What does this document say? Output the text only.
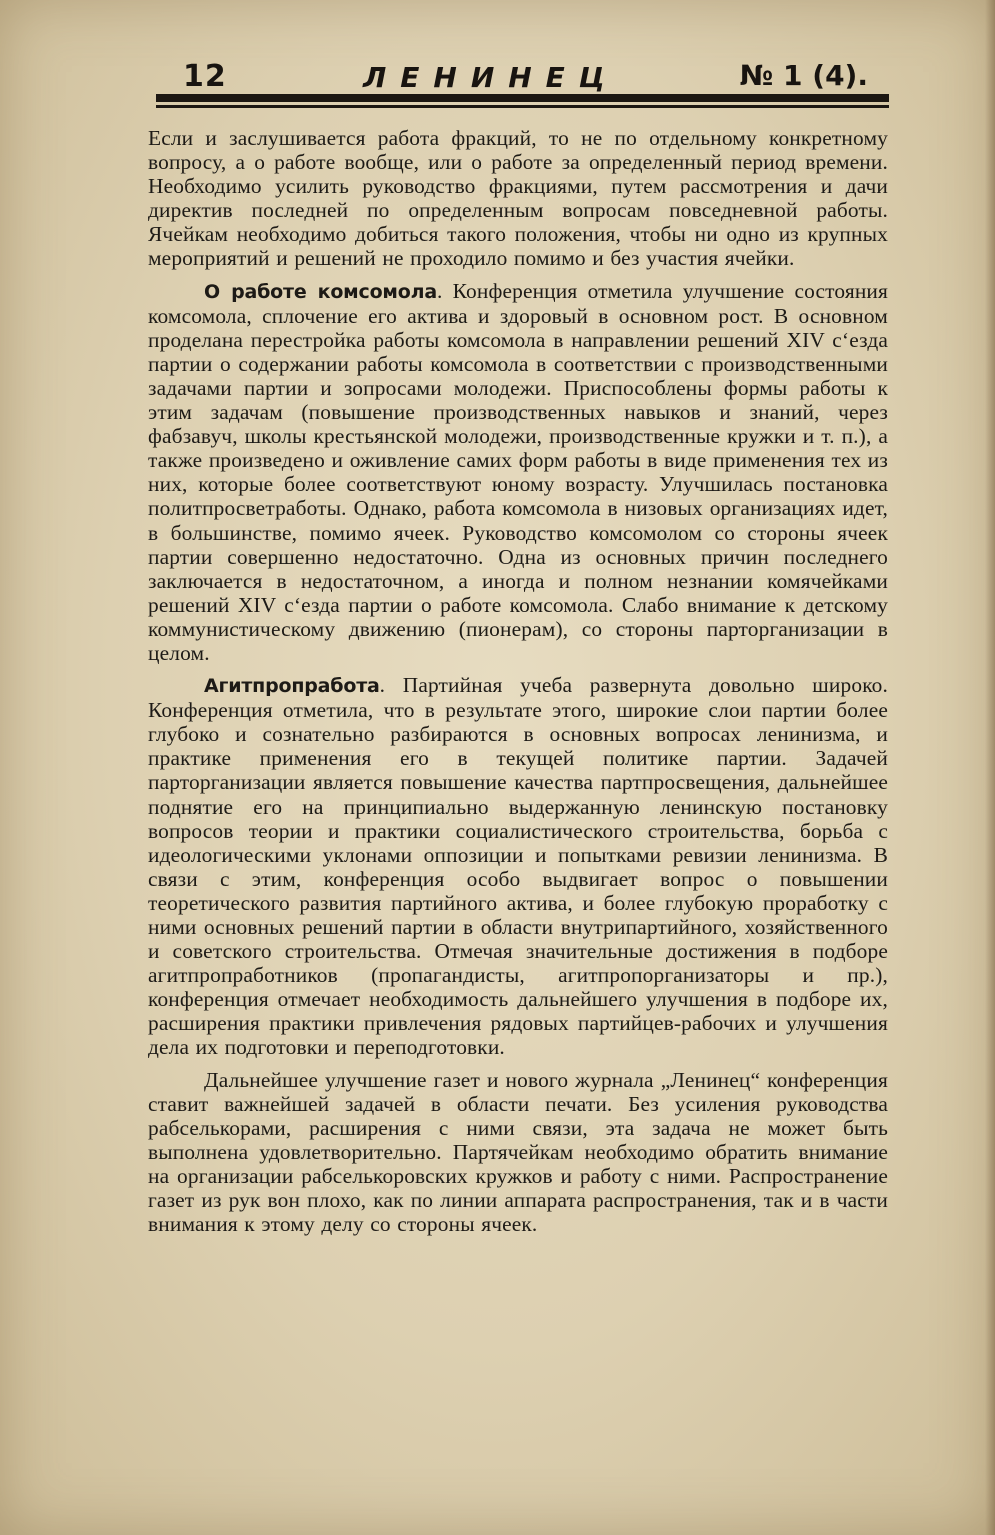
12	ЛЕНИНЕЦ	№ 1 (4).

Если и заслушивается работа фракций, то не по отдельному конкретному вопросу, а о работе вообще, или о работе за определенный период времени. Необходимо усилить руководство фракциями, путем рассмотрения и дачи директив последней по определенным вопросам повседневной работы. Ячейкам необходимо добиться такого положения, чтобы ни одно из крупных мероприятий и решений не проходило помимо и без участия ячейки.

О работе комсомола. Конференция отметила улучшение состояния комсомола, сплочение его актива и здоровый в основном рост. В основном проделана перестройка работы комсомола в направлении решений XIV с‘езда партии о содержании работы комсомола в соответствии с производственными задачами партии и зопросами молодежи. Приспособлены формы работы к этим задачам (повышение производственных навыков и знаний, через фабзавуч, школы крестьянской молодежи, производственные кружки и т. п.), а также произведено и оживление самих форм работы в виде применения тех из них, которые более соответствуют юному возрасту. Улучшилась постановка политпросветработы. Однако, работа комсомола в низовых организациях идет, в большинстве, помимо ячеек. Руководство комсомолом со стороны ячеек партии совершенно недостаточно. Одна из основных причин последнего заключается в недостаточном, а иногда и полном незнании комячейками решений XIV с‘езда партии о работе комсомола. Слабо внимание к детскому коммунистическому движению (пионерам), со стороны парторганизации в целом.

Агитпропработа. Партийная учеба развернута довольно широко. Конференция отметила, что в результате этого, широкие слои партии более глубоко и сознательно разбираются в основных вопросах ленинизма, и практике применения его в текущей политике партии. Задачей парторганизации является повышение качества партпросвещения, дальнейшее поднятие его на принципиально выдержанную ленинскую постановку вопросов теории и практики социалистического строительства, борьба с идеологическими уклонами оппозиции и попытками ревизии ленинизма. В связи с этим, конференция особо выдвигает вопрос о повышении теоретического развития партийного актива, и более глубокую проработку с ними основных решений партии в области внутрипартийного, хозяйственного и советского строительства. Отмечая значительные достижения в подборе агитпропработников (пропагандисты, агитпропорганизаторы и пр.), конференция отмечает необходимость дальнейшего улучшения в подборе их, расширения практики привлечения рядовых партийцев-рабочих и улучшения дела их подготовки и переподготовки.

Дальнейшее улучшение газет и нового журнала „Ленинец“ конференция ставит важнейшей задачей в области печати. Без усиления руководства рабселькорами, расширения с ними связи, эта задача не может быть выполнена удовлетворительно. Партячейкам необходимо обратить внимание на организации рабселькоровских кружков и работу с ними. Распространение газет из рук вон плохо, как по линии аппарата распространения, так и в части внимания к этому делу со стороны ячеек.
